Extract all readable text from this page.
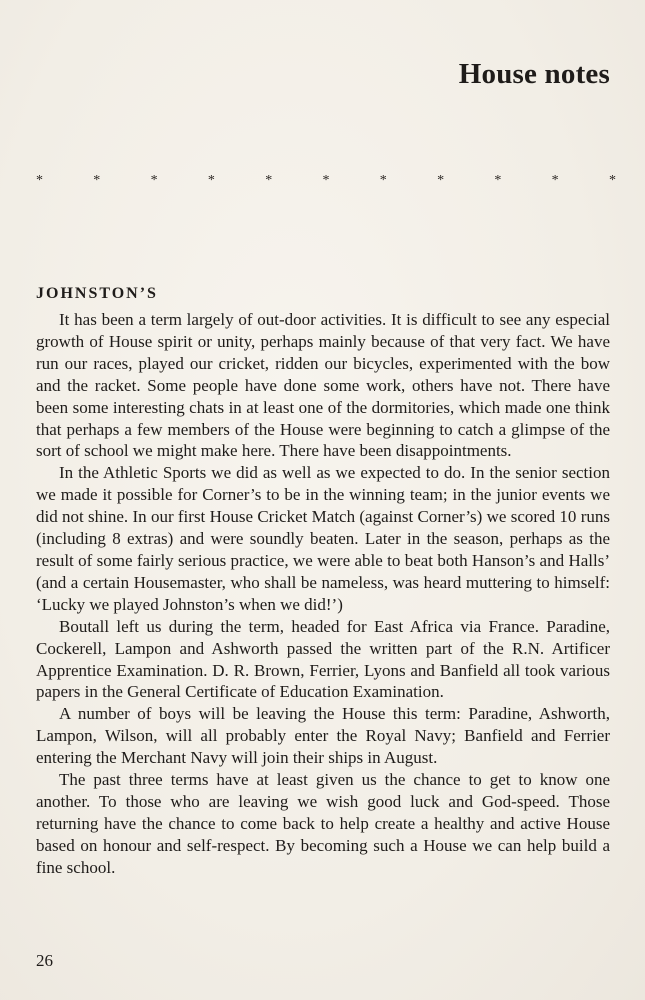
House notes
*	*	*	*	*	*	*	*	*	*	*
JOHNSTON’S

It has been a term largely of out-door activities. It is difficult to see any especial growth of House spirit or unity, perhaps mainly because of that very fact. We have run our races, played our cricket, ridden our bicycles, experimented with the bow and the racket. Some people have done some work, others have not. There have been some interesting chats in at least one of the dormitories, which made one think that perhaps a few members of the House were beginning to catch a glimpse of the sort of school we might make here. There have been disappointments.

In the Athletic Sports we did as well as we expected to do. In the senior section we made it possible for Corner’s to be in the winning team; in the junior events we did not shine. In our first House Cricket Match (against Corner’s) we scored 10 runs (including 8 extras) and were soundly beaten. Later in the season, perhaps as the result of some fairly serious practice, we were able to beat both Hanson’s and Halls’ (and a certain Housemaster, who shall be nameless, was heard muttering to himself: ‘Lucky we played Johnston’s when we did!’)

Boutall left us during the term, headed for East Africa via France. Paradine, Cockerell, Lampon and Ashworth passed the written part of the R.N. Artificer Apprentice Examination. D. R. Brown, Ferrier, Lyons and Banfield all took various papers in the General Certificate of Education Examination.

A number of boys will be leaving the House this term: Paradine, Ashworth, Lampon, Wilson, will all probably enter the Royal Navy; Banfield and Ferrier entering the Merchant Navy will join their ships in August.

The past three terms have at least given us the chance to get to know one another. To those who are leaving we wish good luck and God-speed. Those returning have the chance to come back to help create a healthy and active House based on honour and self-respect. By becoming such a House we can help build a fine school.

26
